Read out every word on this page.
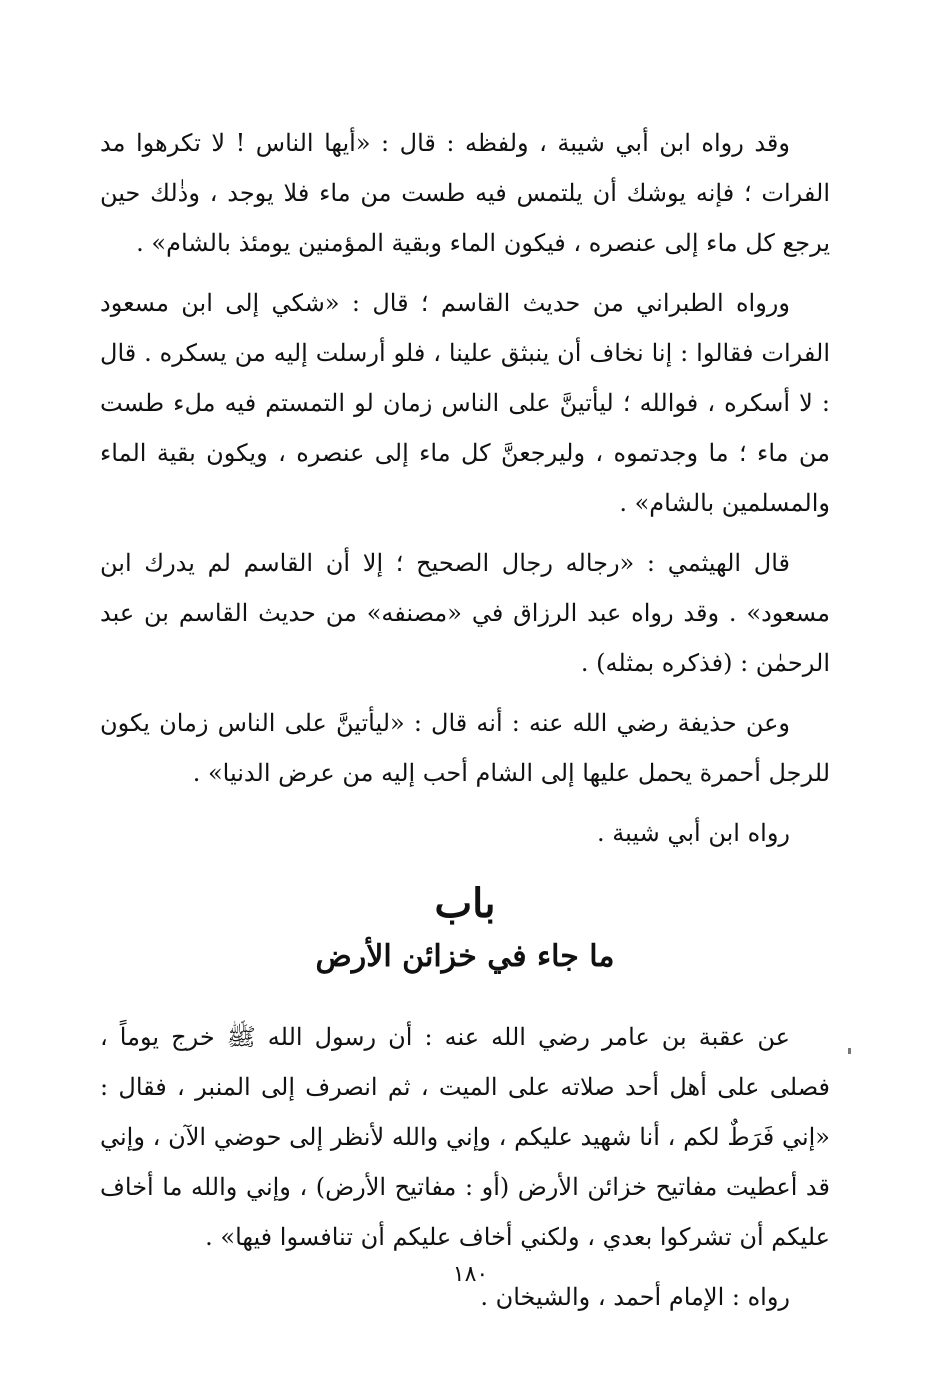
وقد رواه ابن أبي شيبة ، ولفظه : قال : «أيها الناس ! لا تكرهوا مد الفرات ؛ فإنه يوشك أن يلتمس فيه طست من ماء فلا يوجد ، وذٰلك حين يرجع كل ماء إلى عنصره ، فيكون الماء وبقية المؤمنين يومئذ بالشام» .

ورواه الطبراني من حديث القاسم ؛ قال : «شكي إلى ابن مسعود الفرات فقالوا : إنا نخاف أن ينبثق علينا ، فلو أرسلت إليه من يسكره . قال : لا أسكره ، فوالله ؛ ليأتينَّ على الناس زمان لو التمستم فيه ملء طست من ماء ؛ ما وجدتموه ، وليرجعنَّ كل ماء إلى عنصره ، ويكون بقية الماء والمسلمين بالشام» .

قال الهيثمي : «رجاله رجال الصحيح ؛ إلا أن القاسم لم يدرك ابن مسعود» . وقد رواه عبد الرزاق في «مصنفه» من حديث القاسم بن عبد الرحمٰن : (فذكره بمثله) .

وعن حذيفة رضي الله عنه : أنه قال : «ليأتينَّ على الناس زمان يكون للرجل أحمرة يحمل عليها إلى الشام أحب إليه من عرض الدنيا» .

رواه ابن أبي شيبة .

باب
ما جاء في خزائن الأرض

عن عقبة بن عامر رضي الله عنه : أن رسول الله ﷺ خرج يوماً ، فصلى على أهل أحد صلاته على الميت ، ثم انصرف إلى المنبر ، فقال : «إني فَرَطٌ لكم ، أنا شهيد عليكم ، وإني والله لأنظر إلى حوضي الآن ، وإني قد أعطيت مفاتيح خزائن الأرض (أو : مفاتيح الأرض) ، وإني والله ما أخاف عليكم أن تشركوا بعدي ، ولكني أخاف عليكم أن تنافسوا فيها» .

رواه : الإمام أحمد ، والشيخان .

١٨٠
